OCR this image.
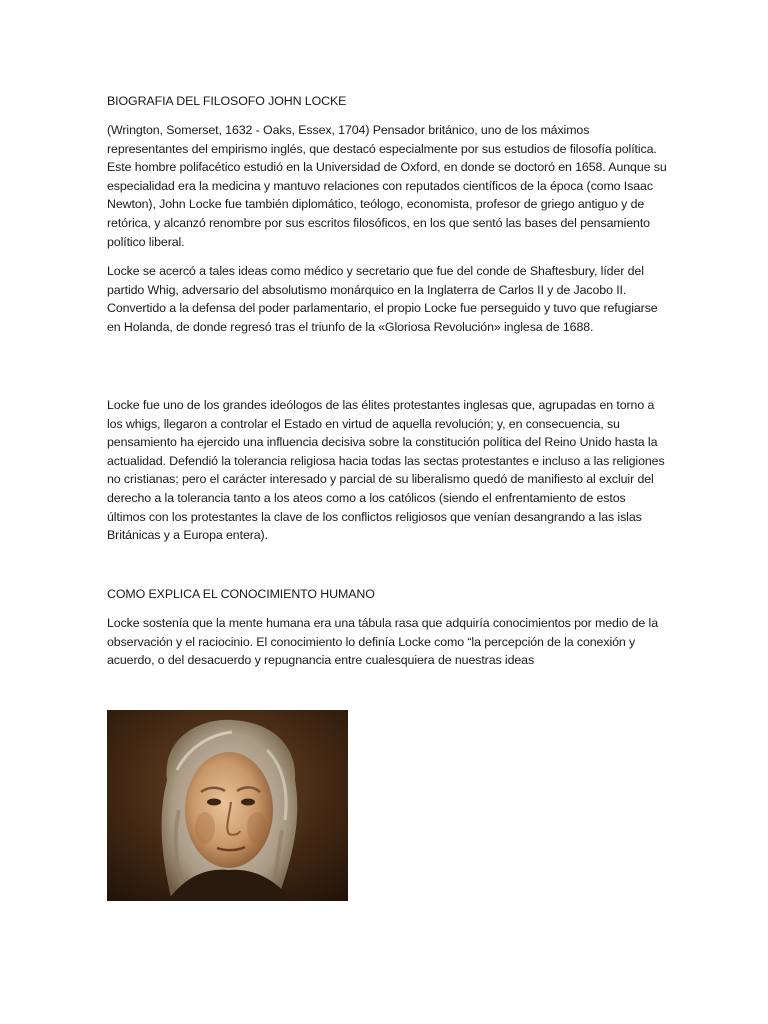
BIOGRAFIA DEL FILOSOFO JOHN LOCKE

(Wrington, Somerset, 1632 - Oaks, Essex, 1704) Pensador británico, uno de los máximos representantes del empirismo inglés, que destacó especialmente por sus estudios de filosofía política. Este hombre polifacético estudió en la Universidad de Oxford, en donde se doctoró en 1658. Aunque su especialidad era la medicina y mantuvo relaciones con reputados científicos de la época (como Isaac Newton), John Locke fue también diplomático, teólogo, economista, profesor de griego antiguo y de retórica, y alcanzó renombre por sus escritos filosóficos, en los que sentó las bases del pensamiento político liberal.

Locke se acercó a tales ideas como médico y secretario que fue del conde de Shaftesbury, líder del partido Whig, adversario del absolutismo monárquico en la Inglaterra de Carlos II y de Jacobo II. Convertido a la defensa del poder parlamentario, el propio Locke fue perseguido y tuvo que refugiarse en Holanda, de donde regresó tras el triunfo de la «Gloriosa Revolución» inglesa de 1688.

Locke fue uno de los grandes ideólogos de las élites protestantes inglesas que, agrupadas en torno a los whigs, llegaron a controlar el Estado en virtud de aquella revolución; y, en consecuencia, su pensamiento ha ejercido una influencia decisiva sobre la constitución política del Reino Unido hasta la actualidad. Defendió la tolerancia religiosa hacia todas las sectas protestantes e incluso a las religiones no cristianas; pero el carácter interesado y parcial de su liberalismo quedó de manifiesto al excluir del derecho a la tolerancia tanto a los ateos como a los católicos (siendo el enfrentamiento de estos últimos con los protestantes la clave de los conflictos religiosos que venían desangrando a las islas Británicas y a Europa entera).

COMO EXPLICA EL CONOCIMIENTO HUMANO

Locke sostenía que la mente humana era una tábula rasa que adquiría conocimientos por medio de la observación y el raciocinio. El conocimiento lo definía Locke como “la percepción de la conexión y acuerdo, o del desacuerdo y repugnancia entre cualesquiera de nuestras ideas
